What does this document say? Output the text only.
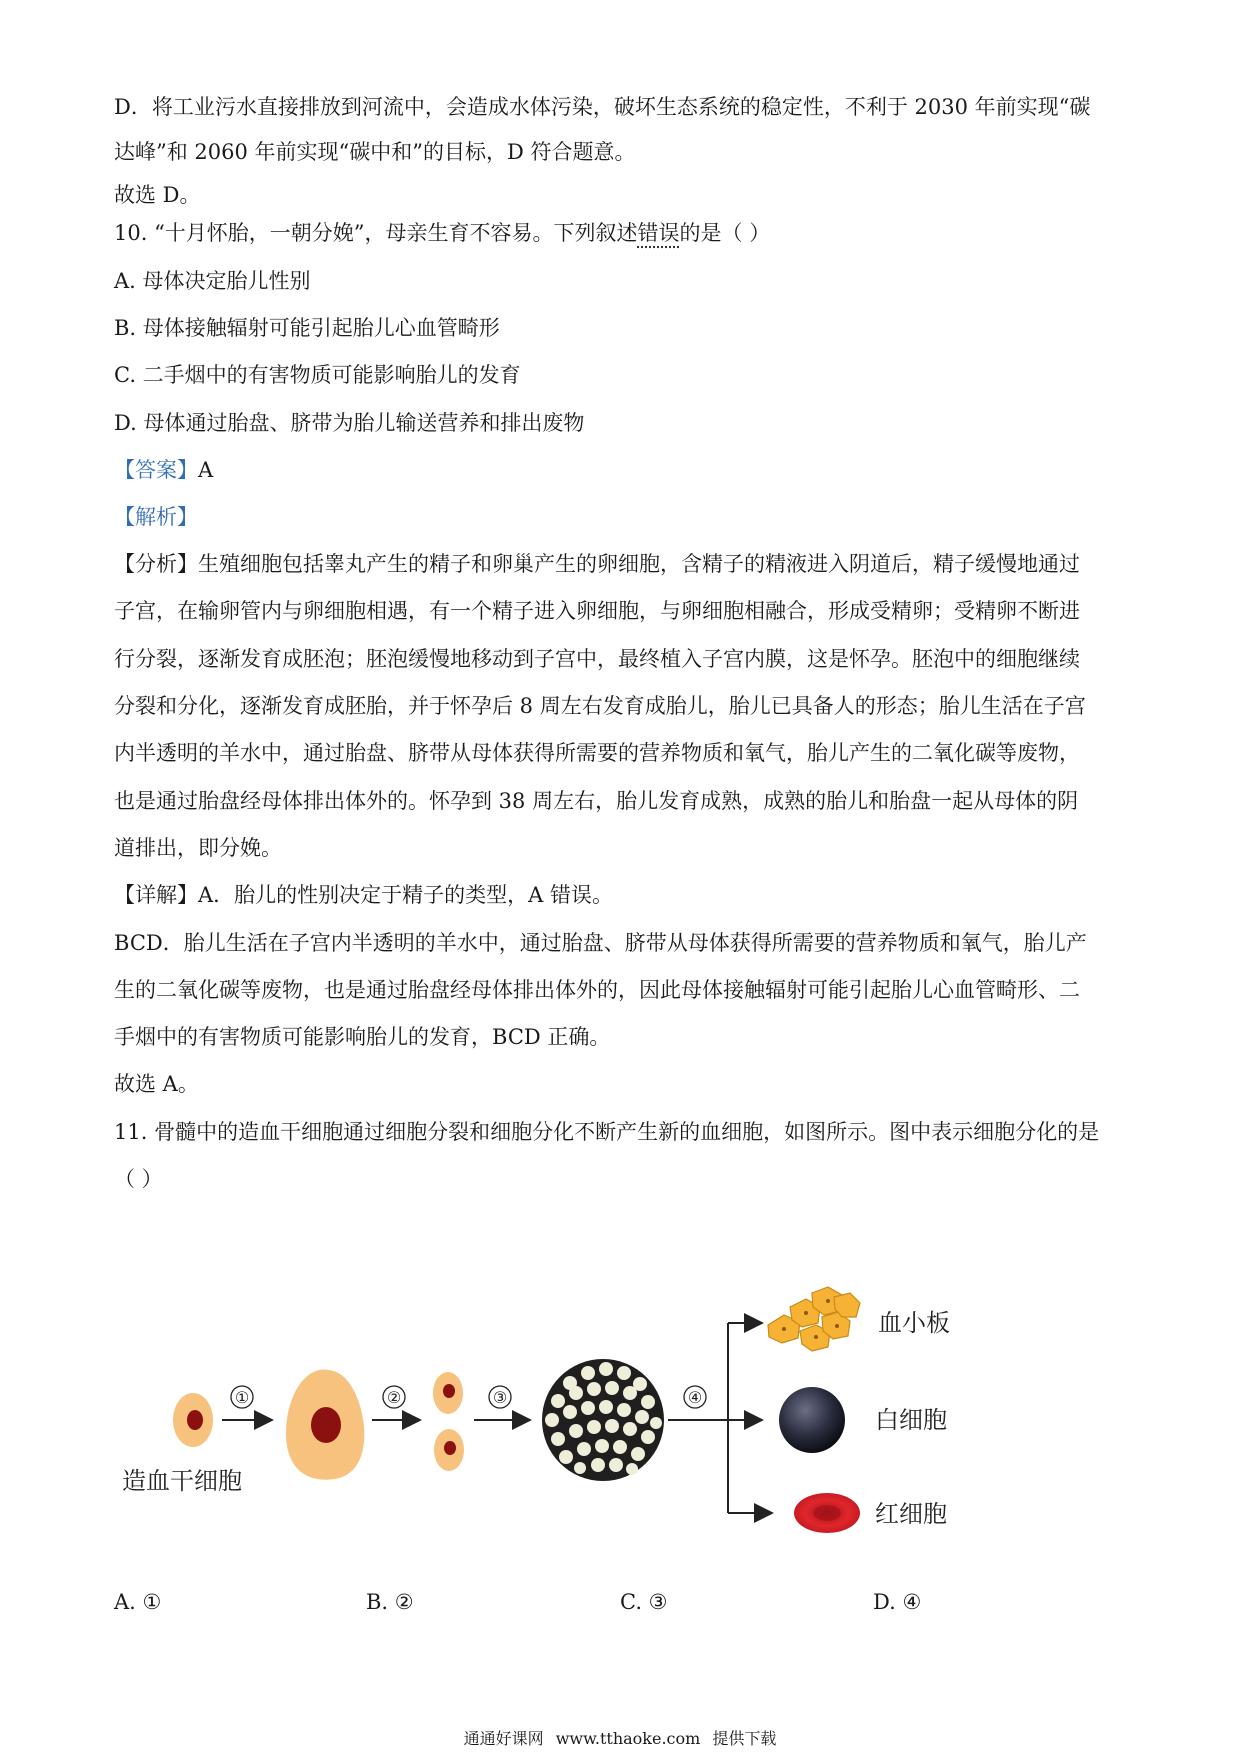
D．将工业污水直接排放到河流中，会造成水体污染，破坏生态系统的稳定性，不利于 2030 年前实现“碳
达峰”和 2060 年前实现“碳中和”的目标，D 符合题意。
故选 D。
10. “十月怀胎，一朝分娩”，母亲生育不容易。下列叙述错误的是（ ）
A. 母体决定胎儿性别
B. 母体接触辐射可能引起胎儿心血管畸形
C. 二手烟中的有害物质可能影响胎儿的发育
D. 母体通过胎盘、脐带为胎儿输送营养和排出废物
【答案】A
【解析】
【分析】生殖细胞包括睾丸产生的精子和卵巢产生的卵细胞，含精子的精液进入阴道后，精子缓慢地通过
子宫，在输卵管内与卵细胞相遇，有一个精子进入卵细胞，与卵细胞相融合，形成受精卵；受精卵不断进
行分裂，逐渐发育成胚泡；胚泡缓慢地移动到子宫中，最终植入子宫内膜，这是怀孕。胚泡中的细胞继续
分裂和分化，逐渐发育成胚胎，并于怀孕后 8 周左右发育成胎儿，胎儿已具备人的形态；胎儿生活在子宫
内半透明的羊水中，通过胎盘、脐带从母体获得所需要的营养物质和氧气，胎儿产生的二氧化碳等废物，
也是通过胎盘经母体排出体外的。怀孕到 38 周左右，胎儿发育成熟，成熟的胎儿和胎盘一起从母体的阴
道排出，即分娩。
【详解】A．胎儿的性别决定于精子的类型，A 错误。
BCD．胎儿生活在子宫内半透明的羊水中，通过胎盘、脐带从母体获得所需要的营养物质和氧气，胎儿产
生的二氧化碳等废物，也是通过胎盘经母体排出体外的，因此母体接触辐射可能引起胎儿心血管畸形、二
手烟中的有害物质可能影响胎儿的发育，BCD 正确。
故选 A。
11. 骨髓中的造血干细胞通过细胞分裂和细胞分化不断产生新的血细胞，如图所示。图中表示细胞分化的是
（ ）
造血干细胞
①	②	③	④
血小板
白细胞
红细胞
A. ①	B. ②	C. ③	D. ④
通通好课网 www.tthaoke.com 提供下载
